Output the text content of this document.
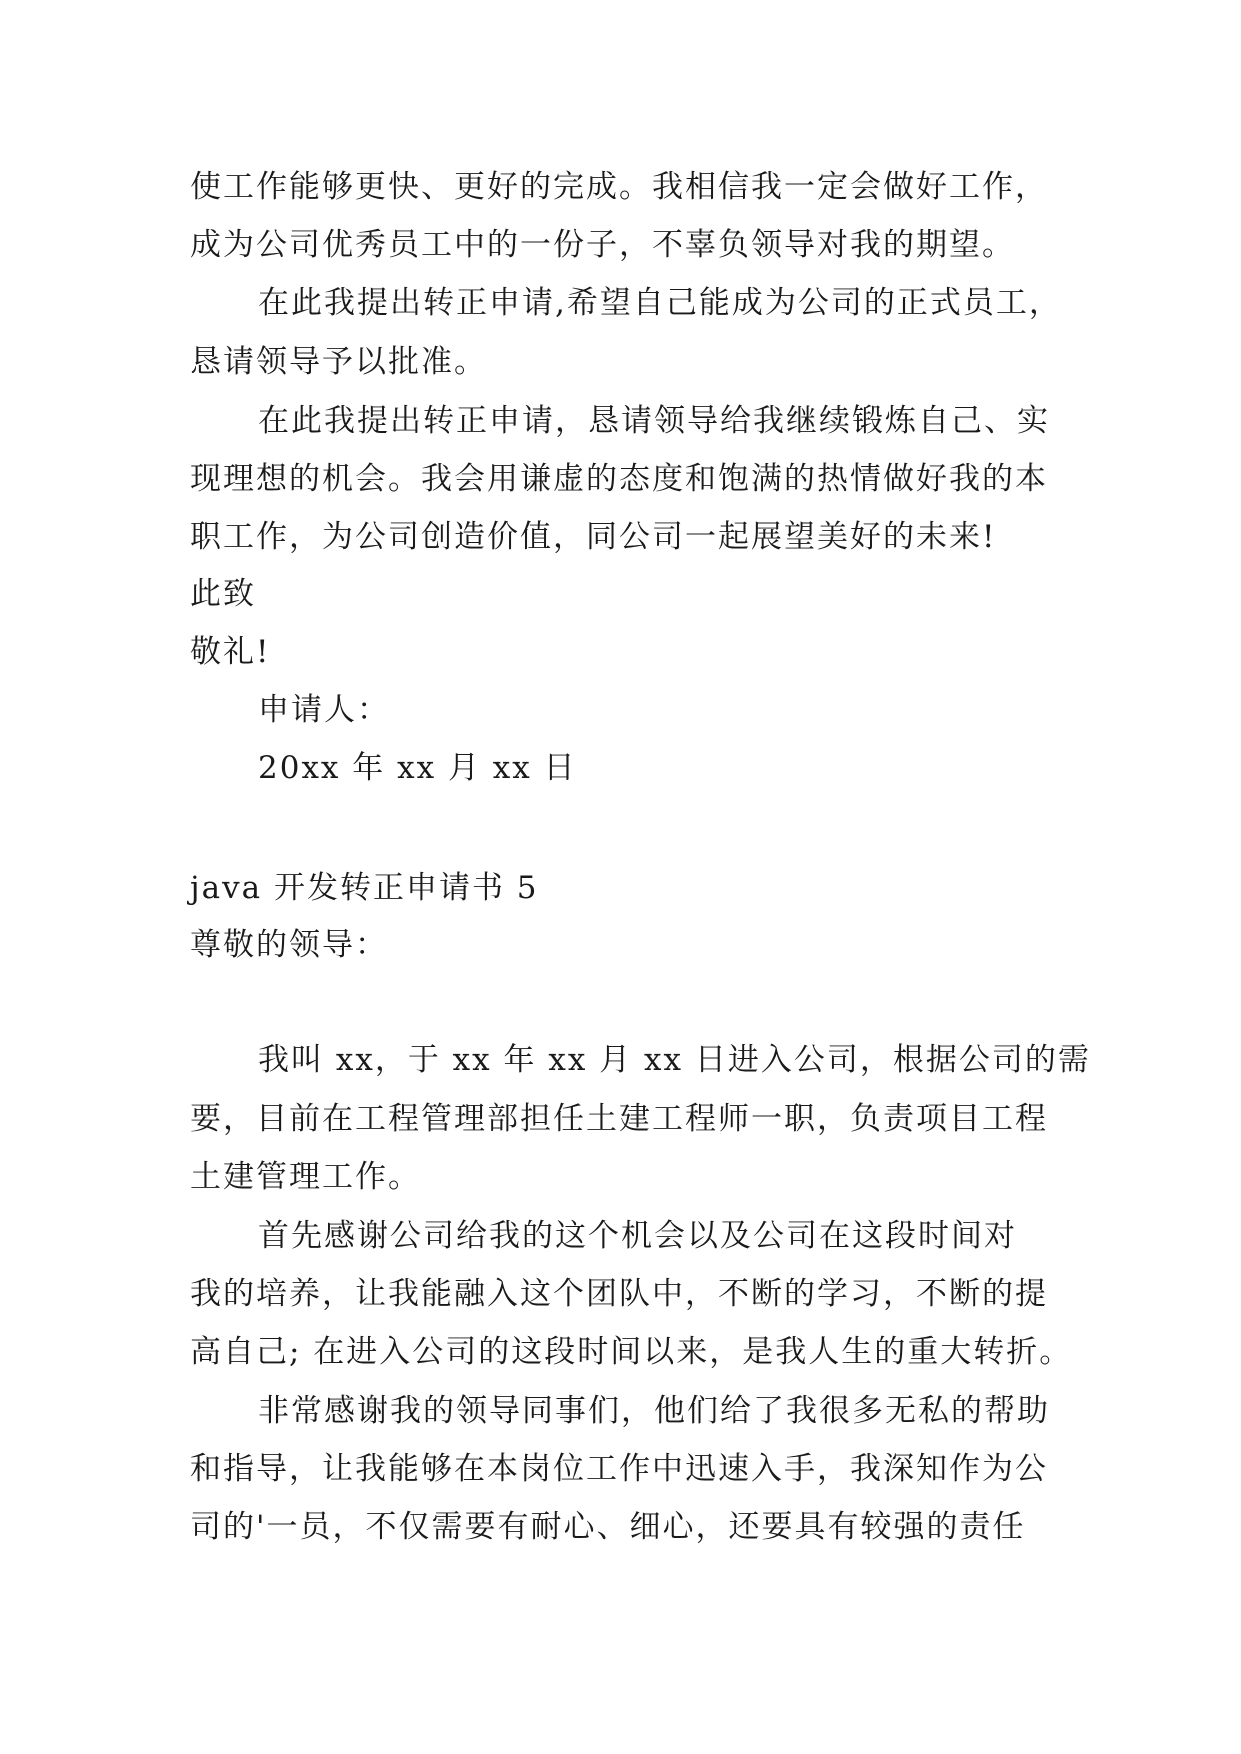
使工作能够更快、更好的完成。我相信我一定会做好工作，
成为公司优秀员工中的一份子，不辜负领导对我的期望。
在此我提出转正申请,希望自己能成为公司的正式员工，
恳请领导予以批准。
在此我提出转正申请，恳请领导给我继续锻炼自己、实
现理想的机会。我会用谦虚的态度和饱满的热情做好我的本
职工作，为公司创造价值，同公司一起展望美好的未来!
此致
敬礼!
申请人：
20xx 年 xx 月 xx 日
java 开发转正申请书 5
尊敬的领导：
我叫 xx，于 xx 年 xx 月 xx 日进入公司，根据公司的需
要，目前在工程管理部担任土建工程师一职，负责项目工程
土建管理工作。
首先感谢公司给我的这个机会以及公司在这段时间对
我的培养，让我能融入这个团队中，不断的学习，不断的提
高自己; 在进入公司的这段时间以来，是我人生的重大转折。
非常感谢我的领导同事们，他们给了我很多无私的帮助
和指导，让我能够在本岗位工作中迅速入手，我深知作为公
司的'一员，不仅需要有耐心、细心，还要具有较强的责任
